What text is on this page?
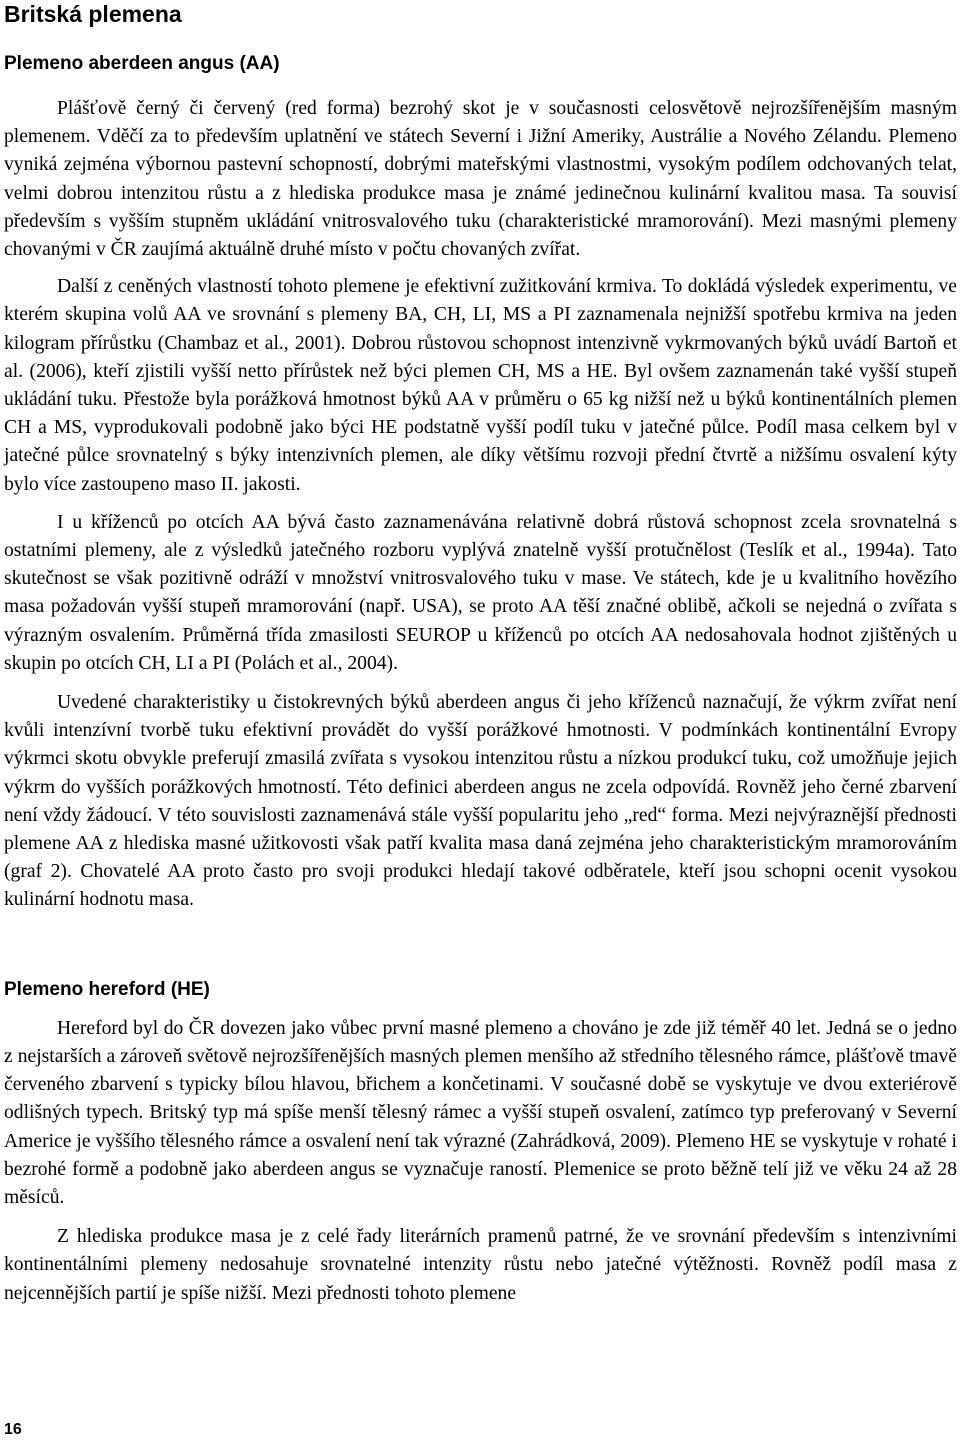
Britská plemena
Plemeno aberdeen angus (AA)

Plášťově černý či červený (red forma) bezrohý skot je v současnosti celosvětově nejrozšířenějším masným plemenem. Vděčí za to především uplatnění ve státech Severní i Jižní Ameriky, Austrálie a Nového Zélandu. Plemeno vyniká zejména výbornou pastevní schopností, dobrými mateřskými vlastnostmi, vysokým podílem odchovaných telat, velmi dobrou intenzitou růstu a z hlediska produkce masa je známé jedinečnou kulinární kvalitou masa. Ta souvisí především s vyšším stupněm ukládání vnitrosvalového tuku (charakteristické mramorování). Mezi masnými plemeny chovanými v ČR zaujímá aktuálně druhé místo v počtu chovaných zvířat.

Další z ceněných vlastností tohoto plemene je efektivní zužitkování krmiva. To dokládá výsledek experimentu, ve kterém skupina volů AA ve srovnání s plemeny BA, CH, LI, MS a PI zaznamenala nejnižší spotřebu krmiva na jeden kilogram přírůstku (Chambaz et al., 2001). Dobrou růstovou schopnost intenzivně vykrmovaných býků uvádí Bartoň et al. (2006), kteří zjistili vyšší netto přírůstek než býci plemen CH, MS a HE. Byl ovšem zaznamenán také vyšší stupeň ukládání tuku. Přestože byla porážková hmotnost býků AA v průměru o 65 kg nižší než u býků kontinentálních plemen CH a MS, vyprodukovali podobně jako býci HE podstatně vyšší podíl tuku v jatečné půlce. Podíl masa celkem byl v jatečné půlce srovnatelný s býky intenzivních plemen, ale díky většímu rozvoji přední čtvrtě a nižšímu osvalení kýty bylo více zastoupeno maso II. jakosti.

I u kříženců po otcích AA bývá často zaznamenávána relativně dobrá růstová schopnost zcela srovnatelná s ostatními plemeny, ale z výsledků jatečného rozboru vyplývá znatelně vyšší protučnělost (Teslík et al., 1994a). Tato skutečnost se však pozitivně odráží v množství vnitrosvalového tuku v mase. Ve státech, kde je u kvalitního hovězího masa požadován vyšší stupeň mramorování (např. USA), se proto AA těší značné oblibě, ačkoli se nejedná o zvířata s výrazným osvalením. Průměrná třída zmasilosti SEUROP u kříženců po otcích AA nedosahovala hodnot zjištěných u skupin po otcích CH, LI a PI (Polách et al., 2004).

Uvedené charakteristiky u čistokrevných býků aberdeen angus či jeho kříženců naznačují, že výkrm zvířat není kvůli intenzívní tvorbě tuku efektivní provádět do vyšší porážkové hmotnosti. V podmínkách kontinentální Evropy výkrmci skotu obvykle preferují zmasilá zvířata s vysokou intenzitou růstu a nízkou produkcí tuku, což umožňuje jejich výkrm do vyšších porážkových hmotností. Této definici aberdeen angus ne zcela odpovídá. Rovněž jeho černé zbarvení není vždy žádoucí. V této souvislosti zaznamenává stále vyšší popularitu jeho „red“ forma. Mezi nejvýraznější přednosti plemene AA z hlediska masné užitkovosti však patří kvalita masa daná zejména jeho charakteristickým mramorováním (graf 2). Chovatelé AA proto často pro svoji produkci hledají takové odběratele, kteří jsou schopni ocenit vysokou kulinární hodnotu masa.

Plemeno hereford (HE)

Hereford byl do ČR dovezen jako vůbec první masné plemeno a chováno je zde již téměř 40 let. Jedná se o jedno z nejstarších a zároveň světově nejrozšířenějších masných plemen menšího až středního tělesného rámce, plášťově tmavě červeného zbarvení s typicky bílou hlavou, břichem a končetinami. V současné době se vyskytuje ve dvou exteriérově odlišných typech. Britský typ má spíše menší tělesný rámec a vyšší stupeň osvalení, zatímco typ preferovaný v Severní Americe je vyššího tělesného rámce a osvalení není tak výrazné (Zahrádková, 2009). Plemeno HE se vyskytuje v rohaté i bezrohé formě a podobně jako aberdeen angus se vyznačuje raností. Plemenice se proto běžně telí již ve věku 24 až 28 měsíců.

Z hlediska produkce masa je z celé řady literárních pramenů patrné, že ve srovnání především s intenzivními kontinentálními plemeny nedosahuje srovnatelné intenzity růstu nebo jatečné výtěžnosti. Rovněž podíl masa z nejcennějších partií je spíše nižší. Mezi přednosti tohoto plemene

16
